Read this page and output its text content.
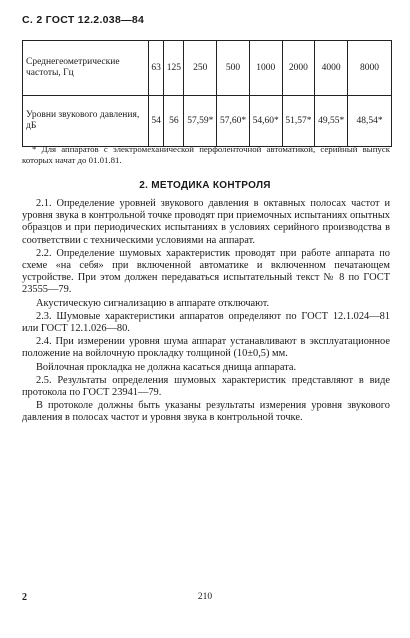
С. 2 ГОСТ 12.2.038—84
Среднегеометрические частоты, Гц	63	125	250	500	1000	2000	4000	8000
Уровни звукового давления, дБ	54	56	57,59*	57,60*	54,60*	51,57*	49,55*	48,54*
* Для аппаратов с электромеханической перфоленточной автоматикой, серийный выпуск которых начат до 01.01.81.
2. МЕТОДИКА КОНТРОЛЯ

2.1. Определение уровней звукового давления в октавных полосах частот и уровня звука в контрольной точке проводят при приемочных испытаниях опытных образцов и при периодических испытаниях в условиях серийного производства в соответствии с техническими условиями на аппарат.

2.2. Определение шумовых характеристик проводят при работе аппарата по схеме «на себя» при включенной автоматике и включенном печатающем устройстве. При этом должен передаваться испытательный текст № 8 по ГОСТ 23555—79.

Акустическую сигнализацию в аппарате отключают.

2.3. Шумовые характеристики аппаратов определяют по ГОСТ 12.1.024—81 или ГОСТ 12.1.026—80.

2.4. При измерении уровня шума аппарат устанавливают в эксплуатационное положение на войлочную прокладку толщиной (10±0,5) мм.

Войлочная прокладка не должна касаться днища аппарата.

2.5. Результаты определения шумовых характеристик представляют в виде протокола по ГОСТ 23941—79.

В протоколе должны быть указаны результаты измерения уровня звукового давления в полосах частот и уровня звука в контрольной точке.

2	210
